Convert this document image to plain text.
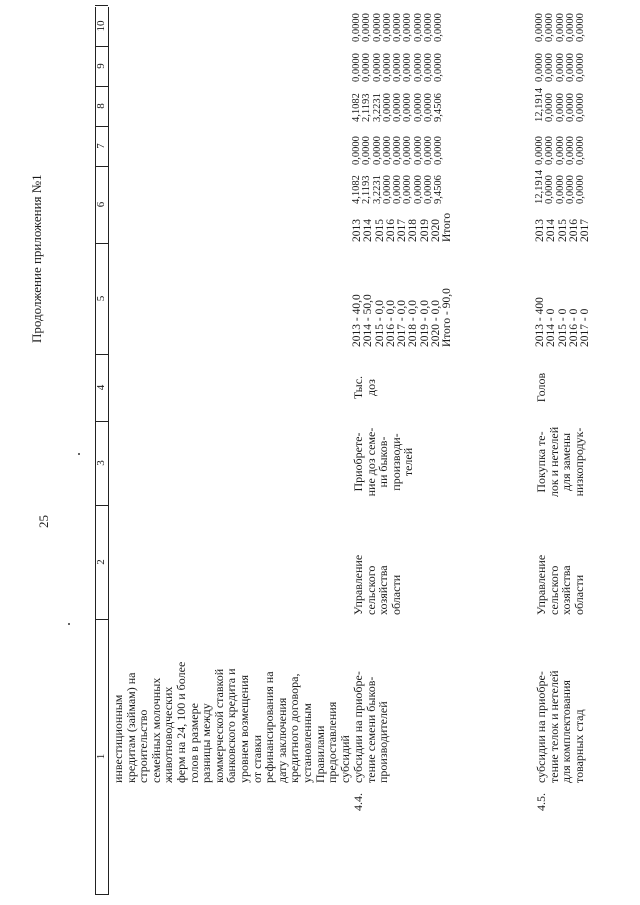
25
Продолжение приложения №1
1
2
3
4
5
6
7
8
9
10
инвестиционным
кредитам (займам) на
строительство
семейных молочных
животноводческих
ферм на 24, 100 и более
голов в размере
разницы между
коммерческой ставкой
банковского кредита и
уровнем возмещения
от ставки
рефинансирования на
дату заключения
кредитного договора,
установленным
Правилами
предоставления
субсидий
4.4.
субсидии на приобре-
тение семени быков-
производителей
Управление
сельского
хозяйства
области
Приобрете-
ние доз семе-
ни быков-
производи-
телей
Тыс.
доз
2013 - 40,0 2014 - 50,0 2015 - 0,0 2016 - 0,0 2017 - 0,0 2018 - 0,0 2019 - 0,0 2020 - 0,0 Итого - 90,0
2013 2014 2015 2016 2017 2018 2019 2020 Итого
4,1082 2,1193 3,2231 0,0000 0,0000 0,0000 0,0000 0,0000 9,4506
0,0000 0,0000 0,0000 0,0000 0,0000 0,0000 0,0000 0,0000 0,0000
4,1082 2,1193 3,2231 0,0000 0,0000 0,0000 0,0000 0,0000 9,4506
0,0000 0,0000 0,0000 0,0000 0,0000 0,0000 0,0000 0,0000 0,0000
0,0000 0,0000 0,0000 0,0000 0,0000 0,0000 0,0000 0,0000 0,0000
4.5.
субсидии на приобре-
тение телок и нетелей
для комплектования
товарных стад
Управление
сельского
хозяйства
области
Покупка те-
лок и нетелей
для замены
низкопродук-
Голов
2013 - 400 2014 - 0 2015 - 0 2016 - 0 2017 - 0
2013 2014 2015 2016 2017
12,1914 0,0000 0,0000 0,0000 0,0000
0,0000 0,0000 0,0000 0,0000 0,0000
12,1914 0,0000 0,0000 0,0000 0,0000
0,0000 0,0000 0,0000 0,0000 0,0000
0,0000 0,0000 0,0000 0,0000 0,0000
